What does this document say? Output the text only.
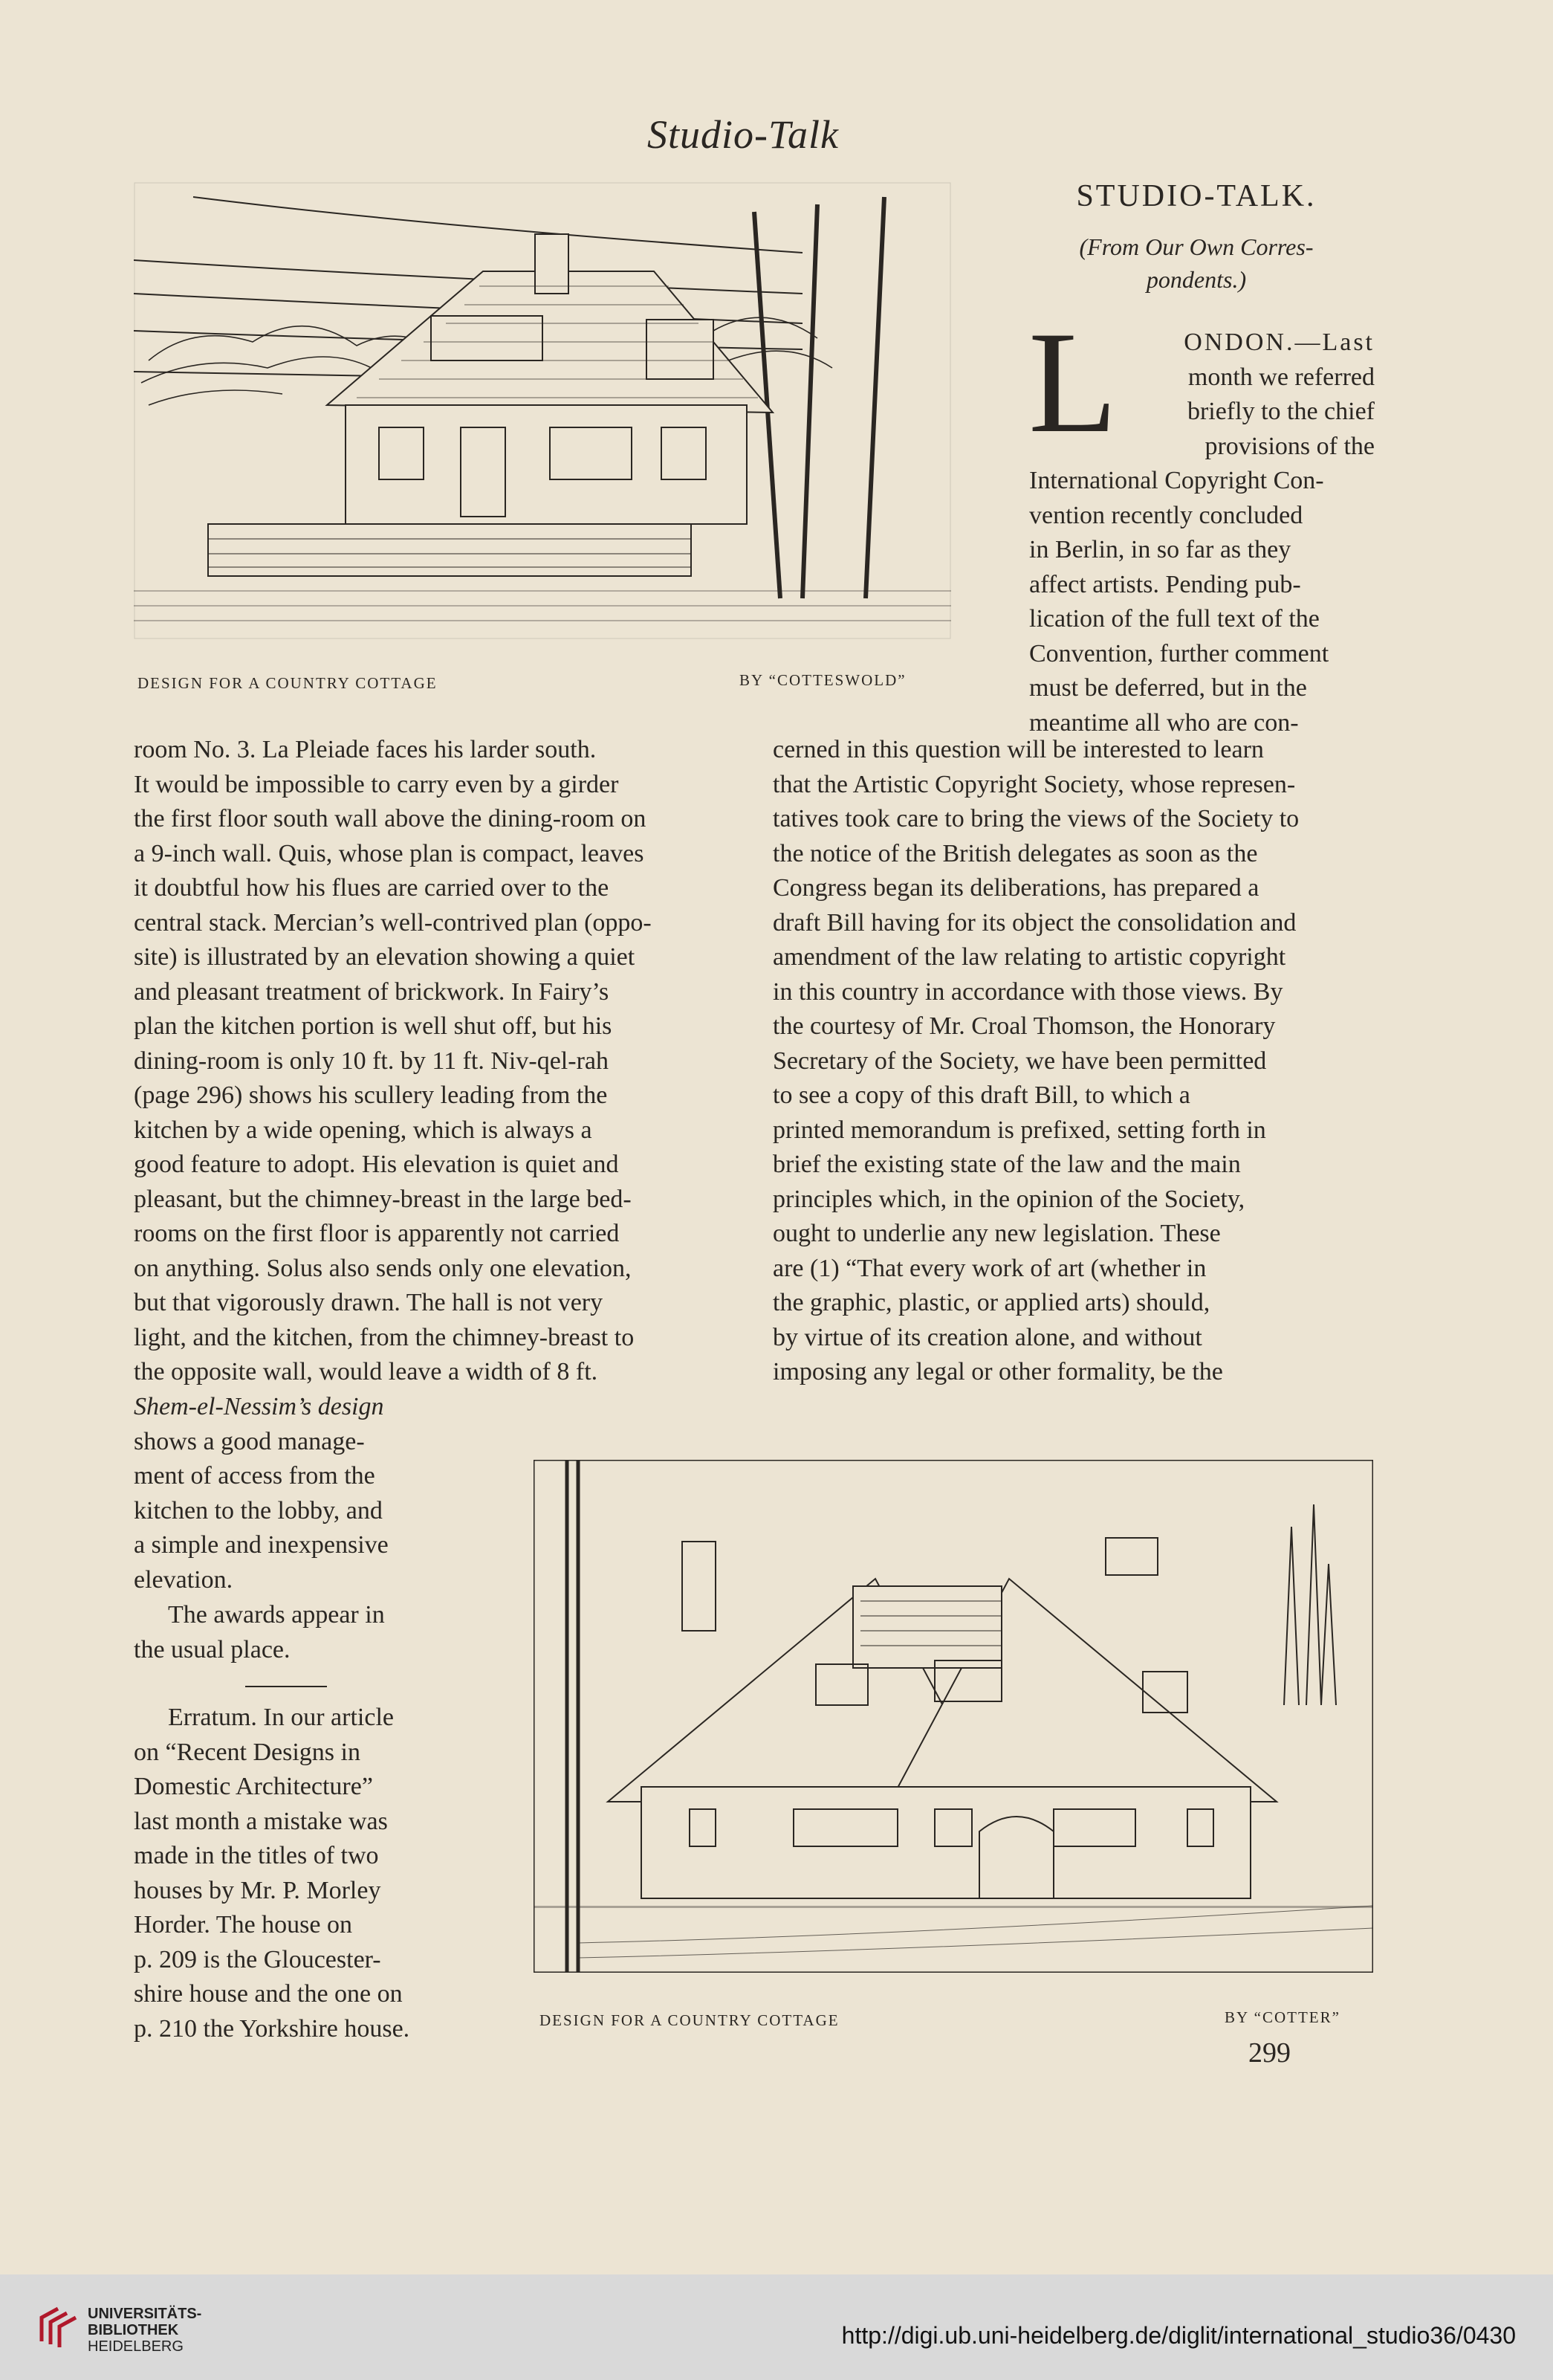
Studio-Talk
DESIGN FOR A COUNTRY COTTAGE	BY “COTTESWOLD”
STUDIO-TALK.
(From Our Own Corres-
pondents.)
L	ONDON.—Last

month we referred

briefly to the chief

provisions of the

International Copyright Con-

vention recently concluded

in Berlin, in so far as they

affect artists. Pending pub-

lication of the full text of the

Convention, further comment

must be deferred, but in the

meantime all who are con-

room No. 3. La Pleiade faces his larder south.

It would be impossible to carry even by a girder

the first floor south wall above the dining-room on

a 9-inch wall. Quis, whose plan is compact, leaves

it doubtful how his flues are carried over to the

central stack. Mercian’s well-contrived plan (oppo-

site) is illustrated by an elevation showing a quiet

and pleasant treatment of brickwork. In Fairy’s

plan the kitchen portion is well shut off, but his

dining-room is only 10 ft. by 11 ft. Niv-qel-rah

(page 296) shows his scullery leading from the

kitchen by a wide opening, which is always a

good feature to adopt. His elevation is quiet and

pleasant, but the chimney-breast in the large bed-

rooms on the first floor is apparently not carried

on anything. Solus also sends only one elevation,

but that vigorously drawn. The hall is not very

light, and the kitchen, from the chimney-breast to

the opposite wall, would leave a width of 8 ft.

Shem-el-Nessim’s design

shows a good manage-

ment of access from the

kitchen to the lobby, and

a simple and inexpensive

elevation.

The awards appear in

the usual place.

Erratum. In our article

on “Recent Designs in

Domestic Architecture”

last month a mistake was

made in the titles of two

houses by Mr. P. Morley

Horder. The house on

p. 209 is the Gloucester-

shire house and the one on

p. 210 the Yorkshire house.

cerned in this question will be interested to learn

that the Artistic Copyright Society, whose represen-

tatives took care to bring the views of the Society to

the notice of the British delegates as soon as the

Congress began its deliberations, has prepared a

draft Bill having for its object the consolidation and

amendment of the law relating to artistic copyright

in this country in accordance with those views. By

the courtesy of Mr. Croal Thomson, the Honorary

Secretary of the Society, we have been permitted

to see a copy of this draft Bill, to which a

printed memorandum is prefixed, setting forth in

brief the existing state of the law and the main

principles which, in the opinion of the Society,

ought to underlie any new legislation. These

are (1) “That every work of art (whether in

the graphic, plastic, or applied arts) should,

by virtue of its creation alone, and without

imposing any legal or other formality, be the

DESIGN FOR A COUNTRY COTTAGE	BY “COTTER”
299
UNIVERSITÄTS-
BIBLIOTHEK
HEIDELBERG	http://digi.ub.uni-heidelberg.de/diglit/international_studio36/0430
